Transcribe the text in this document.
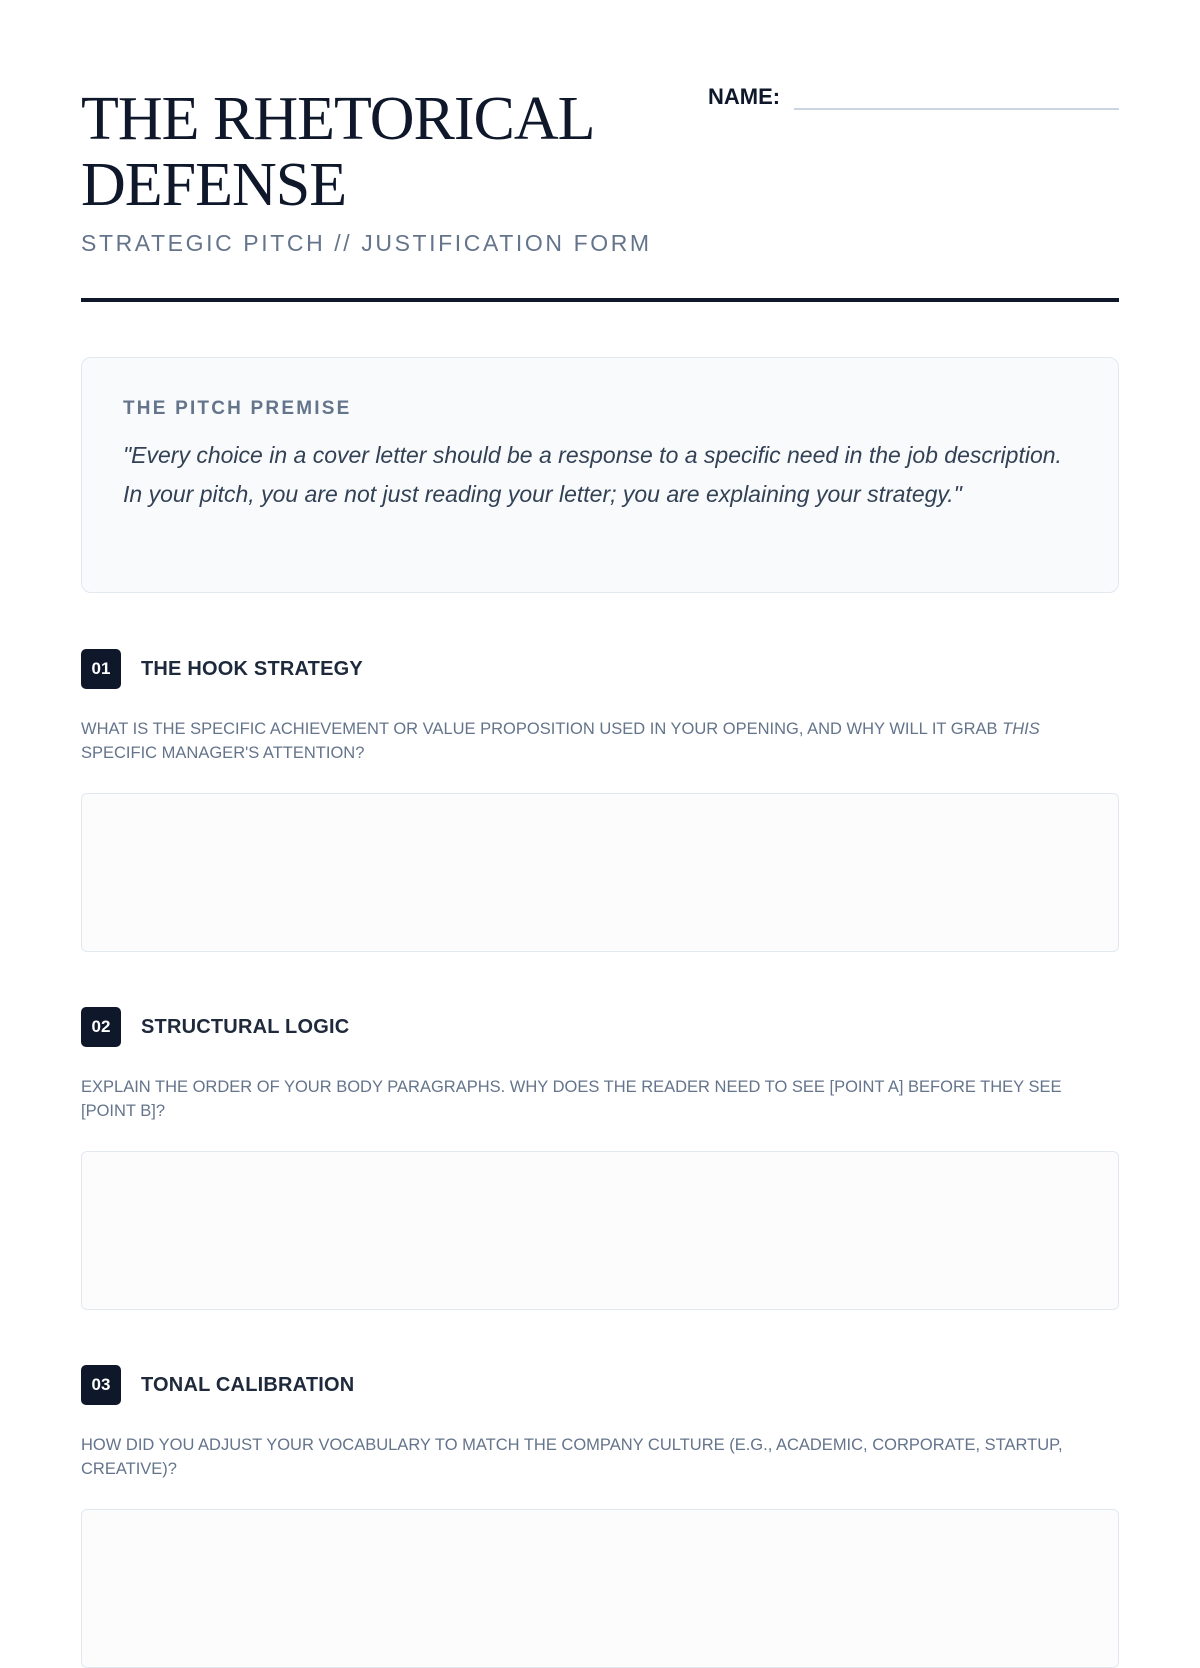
THE RHETORICAL DEFENSE
STRATEGIC PITCH // JUSTIFICATION FORM
NAME:
THE PITCH PREMISE

"Every choice in a cover letter should be a response to a specific need in the job description. In your pitch, you are not just reading your letter; you are explaining your strategy."

01	THE HOOK STRATEGY
WHAT IS THE SPECIFIC ACHIEVEMENT OR VALUE PROPOSITION USED IN YOUR OPENING, AND WHY WILL IT GRAB THIS SPECIFIC MANAGER'S ATTENTION?
02	STRUCTURAL LOGIC
EXPLAIN THE ORDER OF YOUR BODY PARAGRAPHS. WHY DOES THE READER NEED TO SEE [POINT A] BEFORE THEY SEE [POINT B]?
03	TONAL CALIBRATION
HOW DID YOU ADJUST YOUR VOCABULARY TO MATCH THE COMPANY CULTURE (E.G., ACADEMIC, CORPORATE, STARTUP, CREATIVE)?
